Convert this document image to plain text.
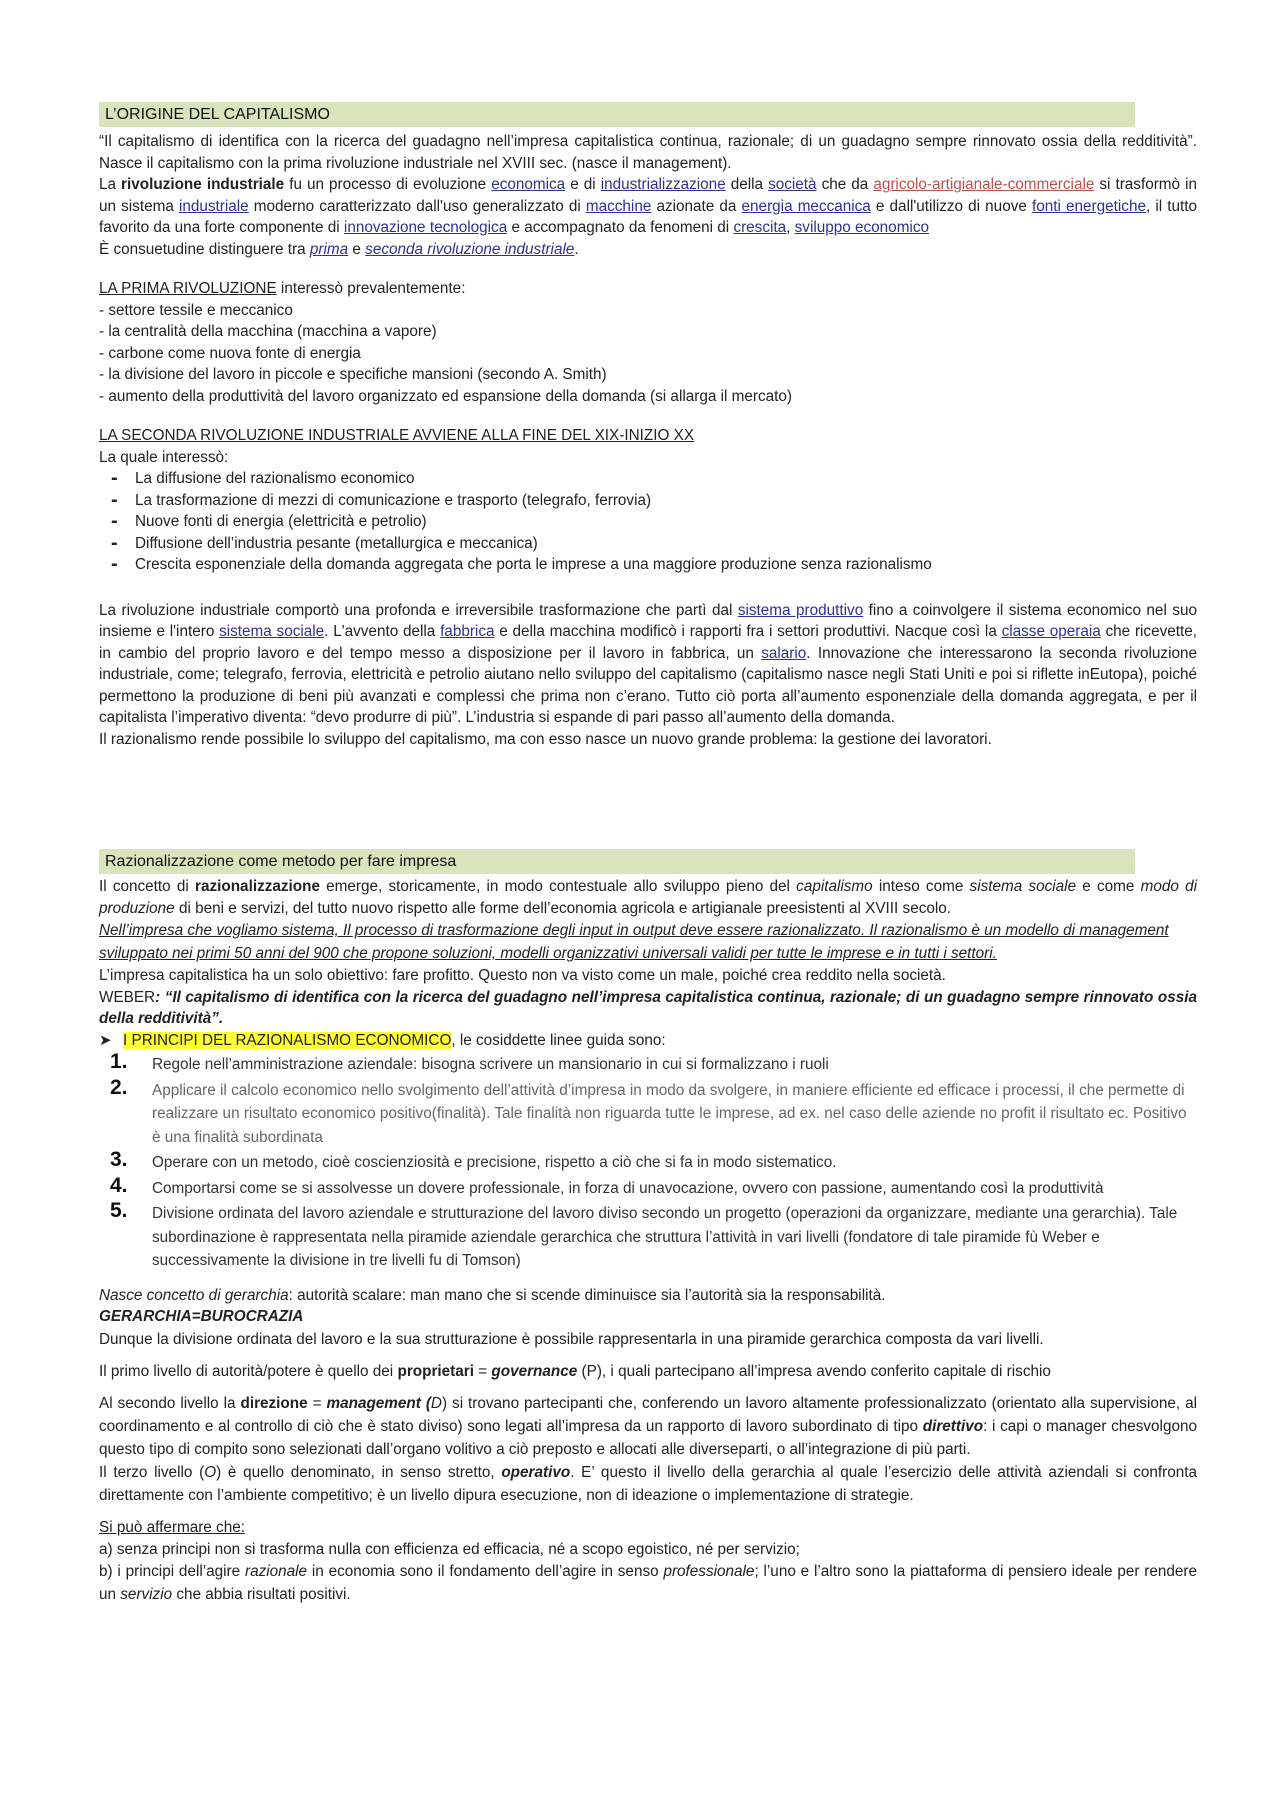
L’ORIGINE DEL CAPITALISMO

“Il capitalismo di identifica con la ricerca del guadagno nell’impresa capitalistica continua, razionale; di un guadagno sempre rinnovato ossia della redditività”. Nasce il capitalismo con la prima rivoluzione industriale nel XVIII sec. (nasce il management).

La rivoluzione industriale fu un processo di evoluzione economica e di industrializzazione della società che da agricolo-artigianale-commerciale si trasformò in un sistema industriale moderno caratterizzato dall'uso generalizzato di macchine azionate da energia meccanica e dall'utilizzo di nuove fonti energetiche, il tutto favorito da una forte componente di innovazione tecnologica e accompagnato da fenomeni di crescita, sviluppo economico

È consuetudine distinguere tra prima e seconda rivoluzione industriale.

LA PRIMA RIVOLUZIONE interessò prevalentemente:

- settore tessile e meccanico

- la centralità della macchina (macchina a vapore)

- carbone come nuova fonte di energia

- la divisione del lavoro in piccole e specifiche mansioni (secondo A. Smith)

- aumento della produttività del lavoro organizzato ed espansione della domanda (si allarga il mercato)

LA SECONDA RIVOLUZIONE INDUSTRIALE AVVIENE ALLA FINE DEL XIX-INIZIO XX

La quale interessò:

- La diffusione del razionalismo economico
- La trasformazione di mezzi di comunicazione e trasporto (telegrafo, ferrovia)
- Nuove fonti di energia (elettricità e petrolio)
- Diffusione dell’industria pesante (metallurgica e meccanica)
- Crescita esponenziale della domanda aggregata che porta le imprese a una maggiore produzione senza razionalismo

La rivoluzione industriale comportò una profonda e irreversibile trasformazione che partì dal sistema produttivo fino a coinvolgere il sistema economico nel suo insieme e l'intero sistema sociale. L'avvento della fabbrica e della macchina modificò i rapporti fra i settori produttivi. Nacque così la classe operaia che ricevette, in cambio del proprio lavoro e del tempo messo a disposizione per il lavoro in fabbrica, un salario. Innovazione che interessarono la seconda rivoluzione industriale, come; telegrafo, ferrovia, elettricità e petrolio aiutano nello sviluppo del capitalismo (capitalismo nasce negli Stati Uniti e poi si riflette inEutopa), poiché permettono la produzione di beni più avanzati e complessi che prima non c’erano. Tutto ciò porta all’aumento esponenziale della domanda aggregata, e per il capitalista l’imperativo diventa: “devo produrre di più”. L’industria si espande di pari passo all’aumento della domanda.

Il razionalismo rende possibile lo sviluppo del capitalismo, ma con esso nasce un nuovo grande problema: la gestione dei lavoratori.

Razionalizzazione come metodo per fare impresa

Il concetto di razionalizzazione emerge, storicamente, in modo contestuale allo sviluppo pieno del capitalismo inteso come sistema sociale e come modo di produzione di beni e servizi, del tutto nuovo rispetto alle forme dell’economia agricola e artigianale preesistenti al XVIII secolo.

Nell’impresa che vogliamo sistema, Il processo di trasformazione degli input in output deve essere razionalizzato. Il razionalismo è un modello di management sviluppato nei primi 50 anni del 900 che propone soluzioni, modelli organizzativi universali validi per tutte le imprese e in tutti i settori.

L’impresa capitalistica ha un solo obiettivo: fare profitto. Questo non va visto come un male, poiché crea reddito nella società.

WEBER: “Il capitalismo di identifica con la ricerca del guadagno nell’impresa capitalistica continua, razionale; di un guadagno sempre rinnovato ossia della redditività”.

➤ I PRINCIPI DEL RAZIONALISMO ECONOMICO, le cosiddette linee guida sono:

1. Regole nell’amministrazione aziendale: bisogna scrivere un mansionario in cui si formalizzano i ruoli
2. Applicare il calcolo economico nello svolgimento dell’attività d’impresa in modo da svolgere, in maniere efficiente ed efficace i processi, il che permette di realizzare un risultato economico positivo(finalità). Tale finalità non riguarda tutte le imprese, ad ex. nel caso delle aziende no profit il risultato ec. Positivo è una finalità subordinata
3. Operare con un metodo, cioè coscienziosità e precisione, rispetto a ciò che si fa in modo sistematico.
4. Comportarsi come se si assolvesse un dovere professionale, in forza di unavocazione, ovvero con passione, aumentando così la produttività
5. Divisione ordinata del lavoro aziendale e strutturazione del lavoro diviso secondo un progetto (operazioni da organizzare, mediante una gerarchia). Tale subordinazione è rappresentata nella piramide aziendale gerarchica che struttura l’attività in vari livelli (fondatore di tale piramide fù Weber e successivamente la divisione in tre livelli fu di Tomson)

Nasce concetto di gerarchia: autorità scalare: man mano che si scende diminuisce sia l’autorità sia la responsabilità.

GERARCHIA=BUROCRAZIA

Dunque la divisione ordinata del lavoro e la sua strutturazione è possibile rappresentarla in una piramide gerarchica composta da vari livelli.

Il primo livello di autorità/potere è quello dei proprietari = governance (P), i quali partecipano all’impresa avendo conferito capitale di rischio

Al secondo livello la direzione = management (D) si trovano partecipanti che, conferendo un lavoro altamente professionalizzato (orientato alla supervisione, al coordinamento e al controllo di ciò che è stato diviso) sono legati all’impresa da un rapporto di lavoro subordinato di tipo direttivo: i capi o manager chesvolgono questo tipo di compito sono selezionati dall’organo volitivo a ciò preposto e allocati alle diverseparti, o all’integrazione di più parti.

Il terzo livello (O) è quello denominato, in senso stretto, operativo. E’ questo il livello della gerarchia al quale l’esercizio delle attività aziendali si confronta direttamente con l’ambiente competitivo; è un livello dipura esecuzione, non di ideazione o implementazione di strategie.

Si può affermare che:

a) senza principi non si trasforma nulla con efficienza ed efficacia, né a scopo egoistico, né per servizio;

b) i principi dell’agire razionale in economia sono il fondamento dell’agire in senso professionale; l’uno e l’altro sono la piattaforma di pensiero ideale per rendere un servizio che abbia risultati positivi.
